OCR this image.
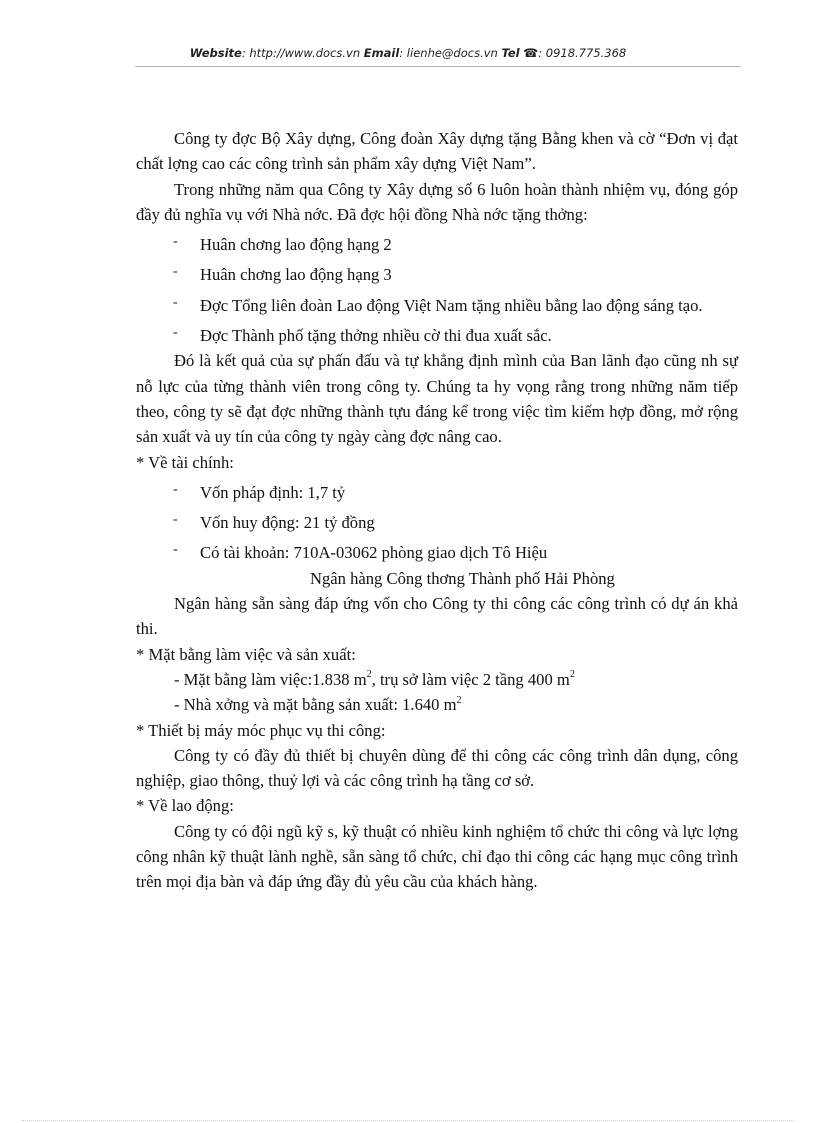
Website: http://www.docs.vn Email: lienhe@docs.vn Tel ☎: 0918.775.368
Công ty đợc Bộ Xây dựng, Công đoàn Xây dựng tặng Bằng khen và cờ “Đơn vị đạt chất lợng cao các công trình sản phẩm xây dựng Việt Nam”.
Trong những năm qua Công ty Xây dựng số 6 luôn hoàn thành nhiệm vụ, đóng góp đầy đủ nghĩa vụ với Nhà nớc. Đã đợc hội đồng Nhà nớc tặng thởng:
- Huân chơng lao động hạng 2
- Huân chơng lao động hạng 3
- Đợc Tổng liên đoàn Lao động Việt Nam tặng nhiều bằng lao động sáng tạo.
- Đợc Thành phố tặng thởng nhiều cờ thi đua xuất sắc.
Đó là kết quả của sự phấn đấu và tự khẳng định mình của Ban lãnh đạo cũng nh sự nỗ lực của từng thành viên trong công ty. Chúng ta hy vọng rằng trong những năm tiếp theo, công ty sẽ đạt đợc những thành tựu đáng kể trong việc tìm kiếm hợp đồng, mở rộng sản xuất và uy tín của công ty ngày càng đợc nâng cao.
* Về tài chính:
- Vốn pháp định: 1,7 tỷ
- Vốn huy động: 21 tỷ đồng
- Có tài khoản: 710A-03062 phòng giao dịch Tô Hiệu
Ngân hàng Công thơng Thành phố Hải Phòng
Ngân hàng sẵn sàng đáp ứng vốn cho Công ty thi công các công trình có dự án khả thi.
* Mặt bằng làm việc và sản xuất:
- Mặt bằng làm việc:1.838 $m^2$, trụ sở làm việc 2 tầng 400 $m^2$
- Nhà xởng và mặt bằng sản xuất: 1.640 $m^2$
* Thiết bị máy móc phục vụ thi công:
Công ty có đầy đủ thiết bị chuyên dùng để thi công các công trình dân dụng, công nghiệp, giao thông, thuỷ lợi và các công trình hạ tầng cơ sở.
* Về lao động:
Công ty có đội ngũ kỹ s, kỹ thuật có nhiều kinh nghiệm tổ chức thi công và lực lợng công nhân kỹ thuật lành nghề, sẵn sàng tổ chức, chỉ đạo thi công các hạng mục công trình trên mọi địa bàn và đáp ứng đầy đủ yêu cầu của khách hàng.
